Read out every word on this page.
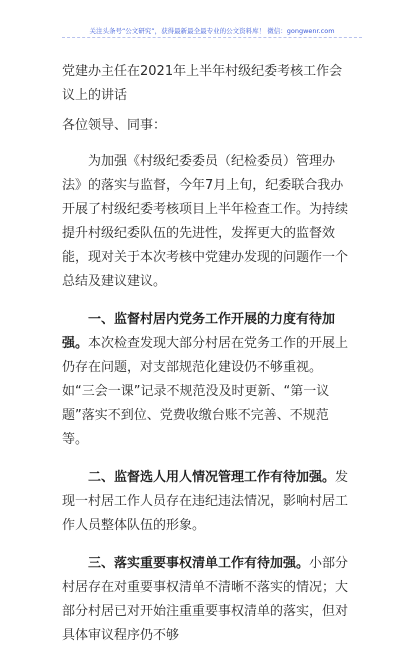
关注头条号“公文研究”，获得最新最全最专业的公文资料库！ 微信：gongwenr.com

党建办主任在2021年上半年村级纪委考核工作会议上的讲话

各位领导、同事：

为加强《村级纪委委员（纪检委员）管理办法》的落实与监督，今年7月上旬，纪委联合我办开展了村级纪委考核项目上半年检查工作。为持续提升村级纪委队伍的先进性，发挥更大的监督效能，现对关于本次考核中党建办发现的问题作一个总结及建议建议。

一、监督村居内党务工作开展的力度有待加强。本次检查发现大部分村居在党务工作的开展上仍存在问题，对支部规范化建设仍不够重视。如“三会一课”记录不规范没及时更新、“第一议题”落实不到位、党费收缴台账不完善、不规范等。

二、监督选人用人情况管理工作有待加强。发现一村居工作人员存在违纪违法情况，影响村居工作人员整体队伍的形象。

三、落实重要事权清单工作有待加强。小部分村居存在对重要事权清单不清晰不落实的情况；大部分村居已对开始注重重要事权清单的落实，但对具体审议程序仍不够
